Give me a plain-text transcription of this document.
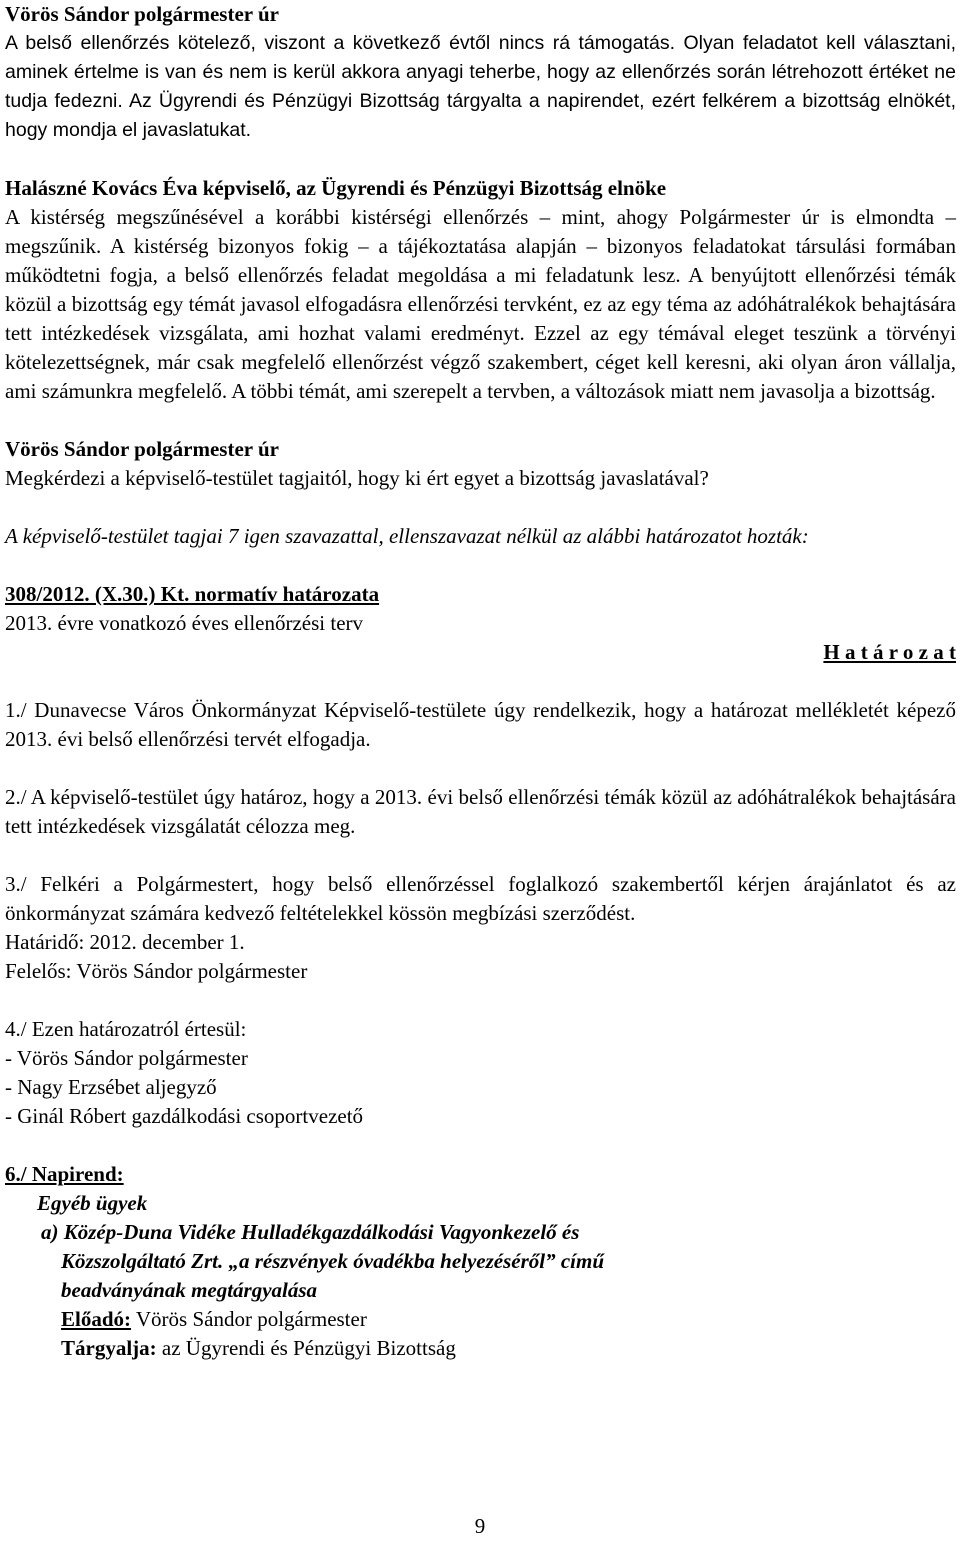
Vörös Sándor polgármester úr

A belső ellenőrzés kötelező, viszont a következő évtől nincs rá támogatás. Olyan feladatot kell választani, aminek értelme is van és nem is kerül akkora anyagi teherbe, hogy az ellenőrzés során létrehozott értéket ne tudja fedezni. Az Ügyrendi és Pénzügyi Bizottság tárgyalta a napirendet, ezért felkérem a bizottság elnökét, hogy mondja el javaslatukat.

Halászné Kovács Éva képviselő, az Ügyrendi és Pénzügyi Bizottság elnöke

A kistérség megszűnésével a korábbi kistérségi ellenőrzés – mint, ahogy Polgármester úr is elmondta – megszűnik. A kistérség bizonyos fokig – a tájékoztatása alapján – bizonyos feladatokat társulási formában működtetni fogja, a belső ellenőrzés feladat megoldása a mi feladatunk lesz. A benyújtott ellenőrzési témák közül a bizottság egy témát javasol elfogadásra ellenőrzési tervként, ez az egy téma az adóhátralékok behajtására tett intézkedések vizsgálata, ami hozhat valami eredményt. Ezzel az egy témával eleget teszünk a törvényi kötelezettségnek, már csak megfelelő ellenőrzést végző szakembert, céget kell keresni, aki olyan áron vállalja, ami számunkra megfelelő. A többi témát, ami szerepelt a tervben, a változások miatt nem javasolja a bizottság.

Vörös Sándor polgármester úr

Megkérdezi a képviselő-testület tagjaitól, hogy ki ért egyet a bizottság javaslatával?

A képviselő-testület tagjai 7 igen szavazattal, ellenszavazat nélkül az alábbi határozatot hozták:

308/2012. (X.30.) Kt. normatív határozata

2013. évre vonatkozó éves ellenőrzési terv

H a t á r o z a t

1./ Dunavecse Város Önkormányzat Képviselő-testülete úgy rendelkezik, hogy a határozat mellékletét képező 2013. évi belső ellenőrzési tervét elfogadja.

2./ A képviselő-testület úgy határoz, hogy a 2013. évi belső ellenőrzési témák közül az adóhátralékok behajtására tett intézkedések vizsgálatát célozza meg.

3./ Felkéri a Polgármestert, hogy belső ellenőrzéssel foglalkozó szakembertől kérjen árajánlatot és az önkormányzat számára kedvező feltételekkel kössön megbízási szerződést.

Határidő: 2012. december 1.

Felelős: Vörös Sándor polgármester

4./ Ezen határozatról értesül:

- Vörös Sándor polgármester

- Nagy Erzsébet aljegyző

- Ginál Róbert gazdálkodási csoportvezető

6./ Napirend:

Egyéb ügyek

a) Közép-Duna Vidéke Hulladékgazdálkodási Vagyonkezelő és

Közszolgáltató Zrt. „a részvények óvadékba helyezéséről” című

beadványának megtárgyalása

Előadó: Vörös Sándor polgármester

Tárgyalja: az Ügyrendi és Pénzügyi Bizottság

9
